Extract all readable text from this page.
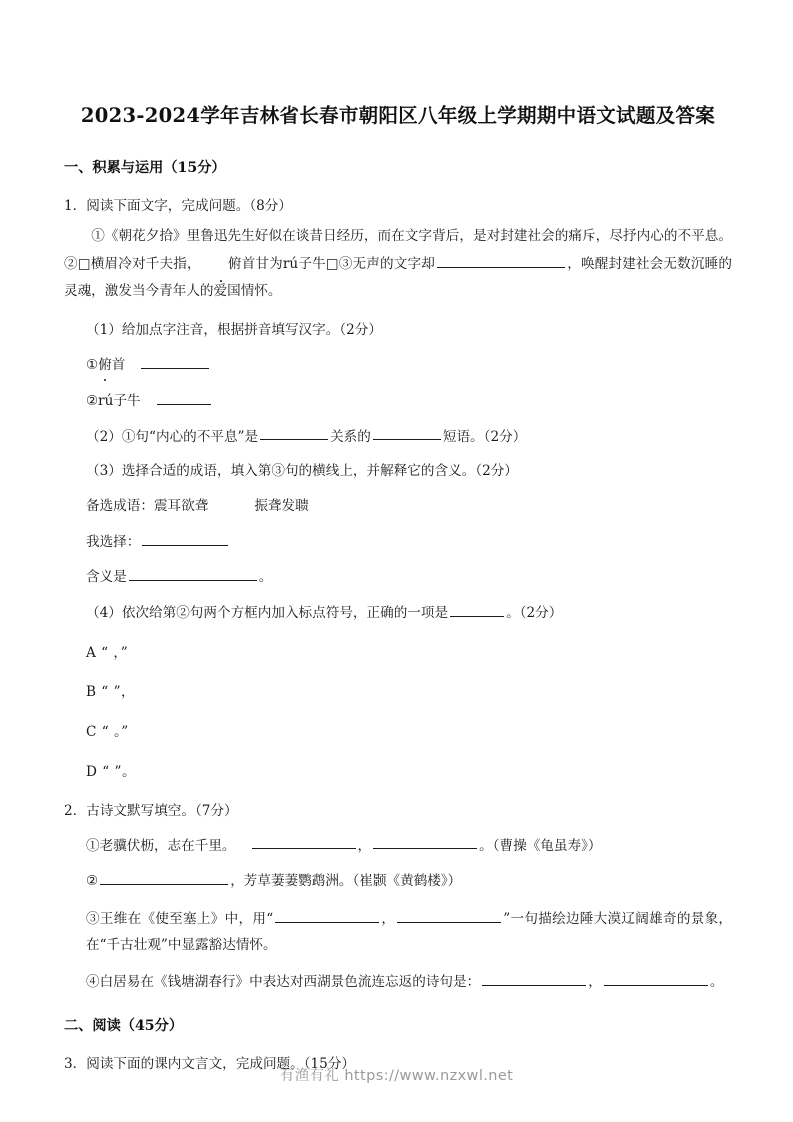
2023-2024学年吉林省长春市朝阳区八年级上学期期中语文试题及答案
一、积累与运用（15分）
1．阅读下面文字，完成问题。（8分）
①《朝花夕拾》里鲁迅先生好似在谈昔日经历，而在文字背后，是对封建社会的痛斥，尽抒内心的不平息。②□横眉冷对千夫指， 俯首甘为rú子牛□③无声的文字却	，唤醒封建社会无数沉睡的灵魂，激发当今青年人的爱国情怀。
（1）给加点字注音，根据拼音填写汉字。（2分）
①俯首
②rú子牛
（2）①句“内心的不平息”是	关系的	短语。（2分）
（3）选择合适的成语，填入第③句的横线上，并解释它的含义。（2分）
备选成语：震耳欲聋	振聋发聩
我选择：
含义是	。
（4）依次给第②句两个方框内加入标点符号，正确的一项是	。（2分）
A “ ，”
B “ ”，
C “ 。”
D “ ”。
2．古诗文默写填空。（7分）
①老骥伏枥，志在千里。	，	。（曹操《龟虽寿》）
②	，芳草萋萋鹦鹉洲。（崔颢《黄鹤楼》）
③王维在《使至塞上》中，用“	，	”一句描绘边陲大漠辽阔雄奇的景象，在“千古壮观”中显露豁达情怀。
④白居易在《钱塘湖春行》中表达对西湖景色流连忘返的诗句是：	，	。
二、阅读（45分）
3．阅读下面的课内文言文，完成问题。（15分）
有渔有礼 https://www.nzxwl.net
